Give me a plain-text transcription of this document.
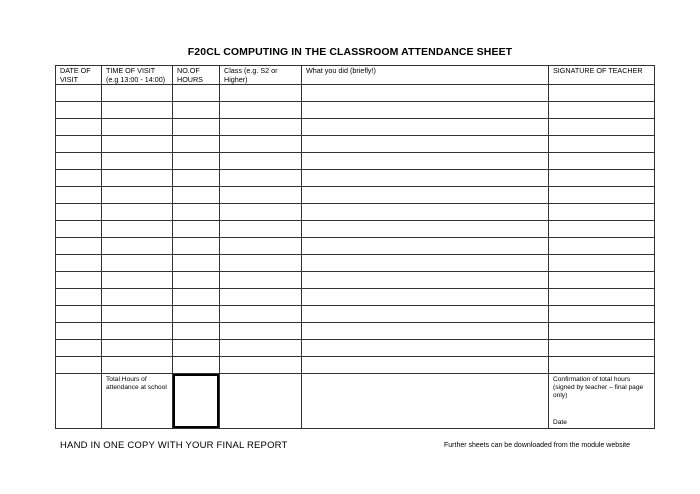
F20CL COMPUTING IN THE CLASSROOM ATTENDANCE SHEET
DATE OF VISIT	TIME OF VISIT (e.g 13:00 - 14:00)	NO.OF HOURS	Class (e.g. S2 or Higher)	What you did (briefly!)	SIGNATURE OF TEACHER

	Total Hours of attendance at school				Confirmation of total hours (signed by teacher – final page only)
Date
HAND IN ONE COPY WITH YOUR FINAL REPORT	Further sheets can be downloaded from the module website
